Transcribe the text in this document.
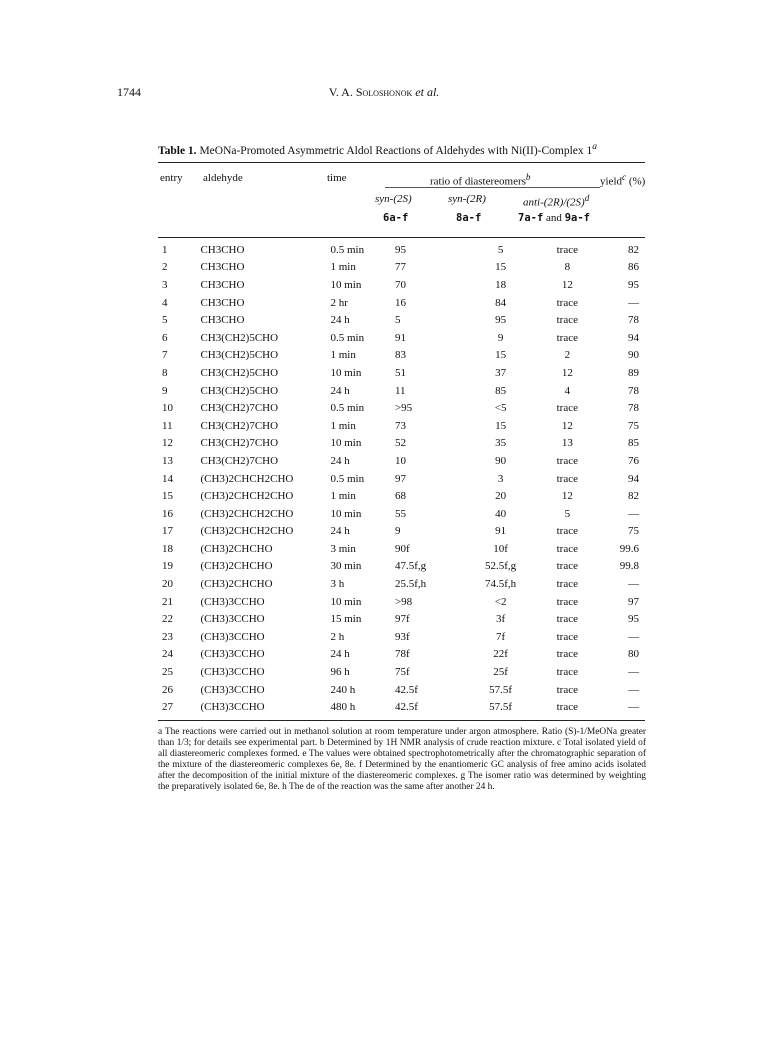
1744	V. A. Soloshonok et al.
Table 1. MeONa-Promoted Asymmetric Aldol Reactions of Aldehydes with Ni(II)-Complex 1$^a$
entry aldehyde	time	ratio of diastereomers$^b$	yield$^c$ (%)
syn-(2S)	syn-(2R)	anti-$(2R)/(2S)^d$
6a-f	8a-f	7a-f and 9a-f
1	CH3CHO	0.5 min	95	5	trace	82
2	CH3CHO	1 min	77	15	8	86
3	CH3CHO	10 min	70	18	12	95
4	CH3CHO	2 hr	16	84	trace	—
5	CH3CHO	24 h	5	95	trace	78
6	CH3(CH2)5CHO	0.5 min	91	9	trace	94
7	CH3(CH2)5CHO	1 min	83	15	2	90
8	CH3(CH2)5CHO	10 min	51	37	12	89
9	CH3(CH2)5CHO	24 h	11	85	4	78
10	CH3(CH2)7CHO	0.5 min	>95	<5	trace	78
11	CH3(CH2)7CHO	1 min	73	15	12	75
12	CH3(CH2)7CHO	10 min	52	35	13	85
13	CH3(CH2)7CHO	24 h	10	90	trace	76
14	(CH3)2CHCH2CHO	0.5 min	97	3	trace	94
15	(CH3)2CHCH2CHO	1 min	68	20	12	82
16	(CH3)2CHCH2CHO	10 min	55	40	5	—
17	(CH3)2CHCH2CHO	24 h	9	91	trace	75
18	(CH3)2CHCHO	3 min	90f	10f	trace	99.6
19	(CH3)2CHCHO	30 min	47.5f,g	52.5f,g	trace	99.8
20	(CH3)2CHCHO	3 h	25.5f,h	74.5f,h	trace	—
21	(CH3)3CCHO	10 min	>98	<2	trace	97
22	(CH3)3CCHO	15 min	97f	3f	trace	95
23	(CH3)3CCHO	2 h	93f	7f	trace	—
24	(CH3)3CCHO	24 h	78f	22f	trace	80
25	(CH3)3CCHO	96 h	75f	25f	trace	—
26	(CH3)3CCHO	240 h	42.5f	57.5f	trace	—
27	(CH3)3CCHO	480 h	42.5f	57.5f	trace	—

a The reactions were carried out in methanol solution at room temperature under argon atmosphere. Ratio (S)-1/MeONa greater than 1/3; for details see experimental part. b Determined by 1H NMR analysis of crude reaction mixture. c Total isolated yield of all diastereomeric complexes formed. e The values were obtained spectrophotometrically after the chromatographic separation of the mixture of the diastereomeric complexes 6e, 8e. f Determined by the enantiomeric GC analysis of free amino acids isolated after the decomposition of the initial mixture of the diastereomeric complexes. g The isomer ratio was determined by weighting the preparatively isolated 6e, 8e. h The de of the reaction was the same after another 24 h.
